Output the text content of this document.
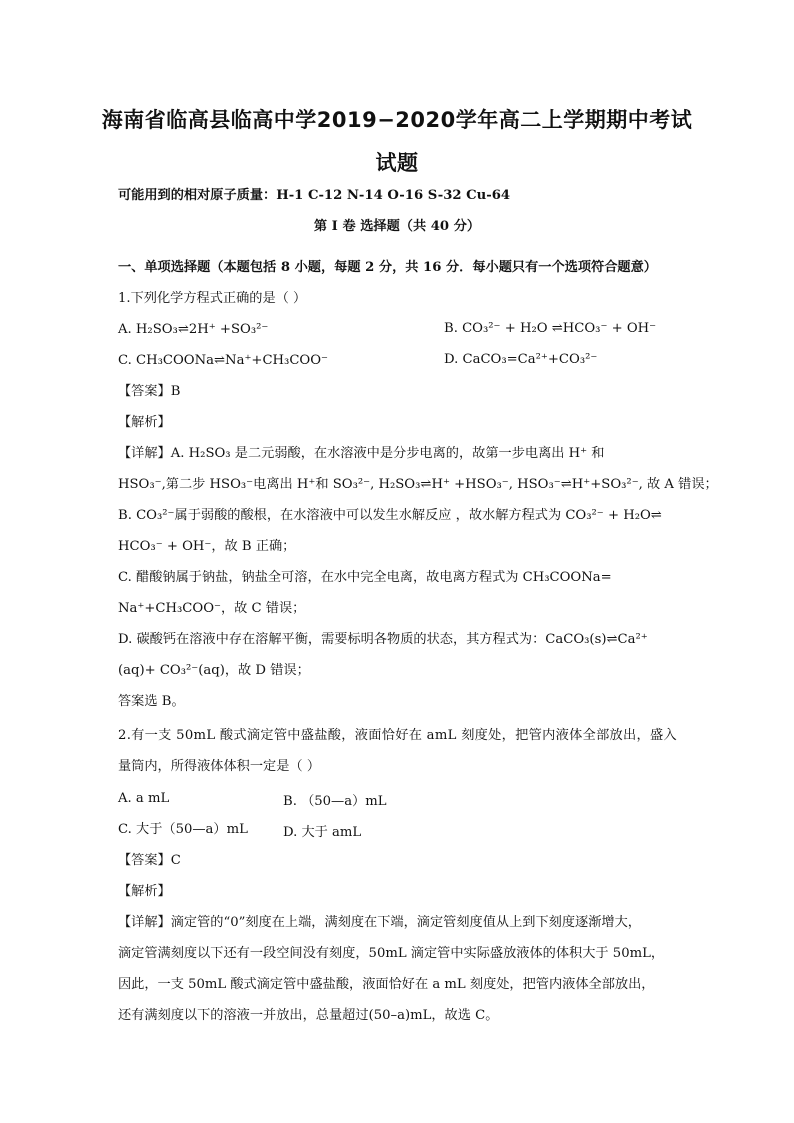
海南省临高县临高中学2019−2020学年高二上学期期中考试
试题
可能用到的相对原子质量：H-1 C-12 N-14 O-16 S-32 Cu-64
第 I 卷 选择题（共 40 分）
一、单项选择题（本题包括 8 小题，每题 2 分，共 16 分．每小题只有一个选项符合题意）
1.下列化学方程式正确的是（ ）
A. H₂SO₃⇌2H⁺ +SO₃²⁻	B. CO₃²⁻ + H₂O ⇌HCO₃⁻ + OH⁻
C. CH₃COONa⇌Na⁺+CH₃COO⁻	D. CaCO₃=Ca²⁺+CO₃²⁻
【答案】B
【解析】
【详解】A. H₂SO₃ 是二元弱酸，在水溶液中是分步电离的，故第一步电离出 H⁺ 和
HSO₃⁻,第二步 HSO₃⁻电离出 H⁺和 SO₃²⁻, H₂SO₃⇌H⁺ +HSO₃⁻, HSO₃⁻⇌H⁺+SO₃²⁻, 故 A 错误；
B. CO₃²⁻属于弱酸的酸根，在水溶液中可以发生水解反应 ，故水解方程式为 CO₃²⁻ + H₂O⇌
HCO₃⁻ + OH⁻，故 B 正确；
C. 醋酸钠属于钠盐，钠盐全可溶，在水中完全电离，故电离方程式为 CH₃COONa=
Na⁺+CH₃COO⁻，故 C 错误；
D. 碳酸钙在溶液中存在溶解平衡，需要标明各物质的状态，其方程式为：CaCO₃(s)⇌Ca²⁺
(aq)+ CO₃²⁻(aq)，故 D 错误；
答案选 B。
2.有一支 50mL 酸式滴定管中盛盐酸，液面恰好在 amL 刻度处，把管内液体全部放出，盛入
量筒内，所得液体体积一定是（ ）
A. a mL	B. （50—a）mL
C. 大于（50—a）mL	D. 大于 amL
【答案】C
【解析】
【详解】滴定管的“0”刻度在上端，满刻度在下端，滴定管刻度值从上到下刻度逐渐增大，
滴定管满刻度以下还有一段空间没有刻度，50mL 滴定管中实际盛放液体的体积大于 50mL，
因此，一支 50mL 酸式滴定管中盛盐酸，液面恰好在 a mL 刻度处，把管内液体全部放出，
还有满刻度以下的溶液一并放出，总量超过(50–a)mL，故选 C。
